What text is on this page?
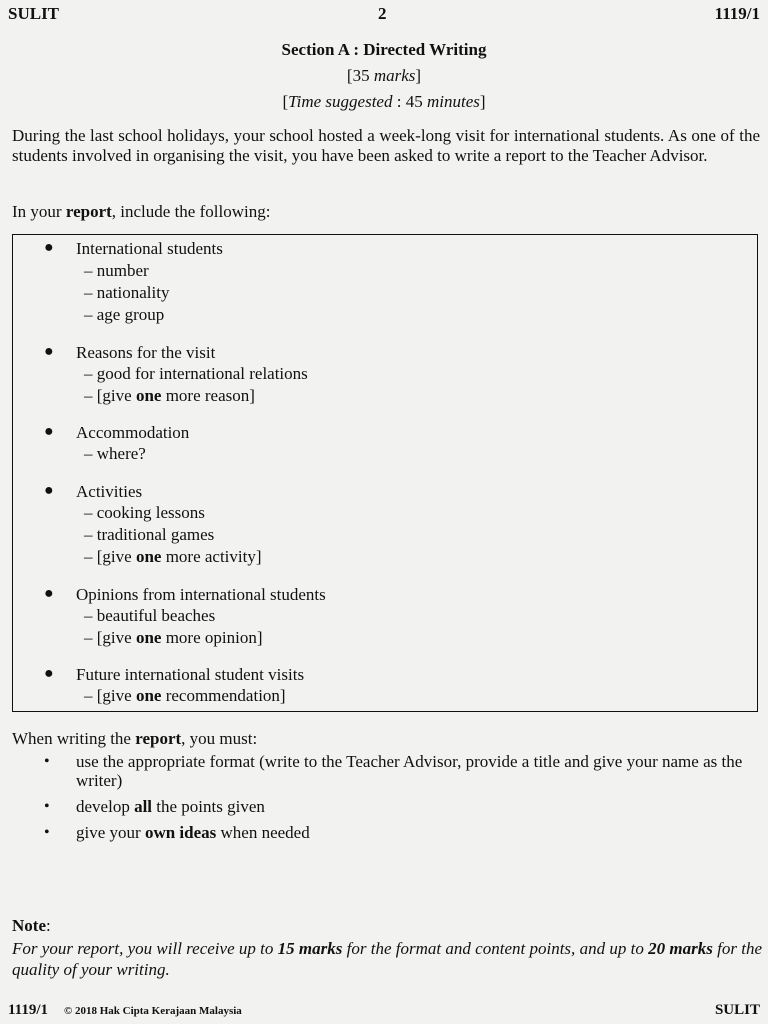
SULIT	2	1119/1
Section A : Directed Writing
[35 marks]
[Time suggested : 45 minutes]
During the last school holidays, your school hosted a week-long visit for international students. As one of the students involved in organising the visit, you have been asked to write a report to the Teacher Advisor.
In your report, include the following:
● International students
– number
– nationality
– age group
● Reasons for the visit
– good for international relations
– [give one more reason]
● Accommodation
– where?
● Activities
– cooking lessons
– traditional games
– [give one more activity]
● Opinions from international students
– beautiful beaches
– [give one more opinion]
● Future international student visits
– [give one recommendation]
When writing the report, you must:
• use the appropriate format (write to the Teacher Advisor, provide a title and give your name as the writer)
• develop all the points given
• give your own ideas when needed
Note:
For your report, you will receive up to 15 marks for the format and content points, and up to 20 marks for the quality of your writing.
1119/1 © 2018 Hak Cipta Kerajaan Malaysia	SULIT
